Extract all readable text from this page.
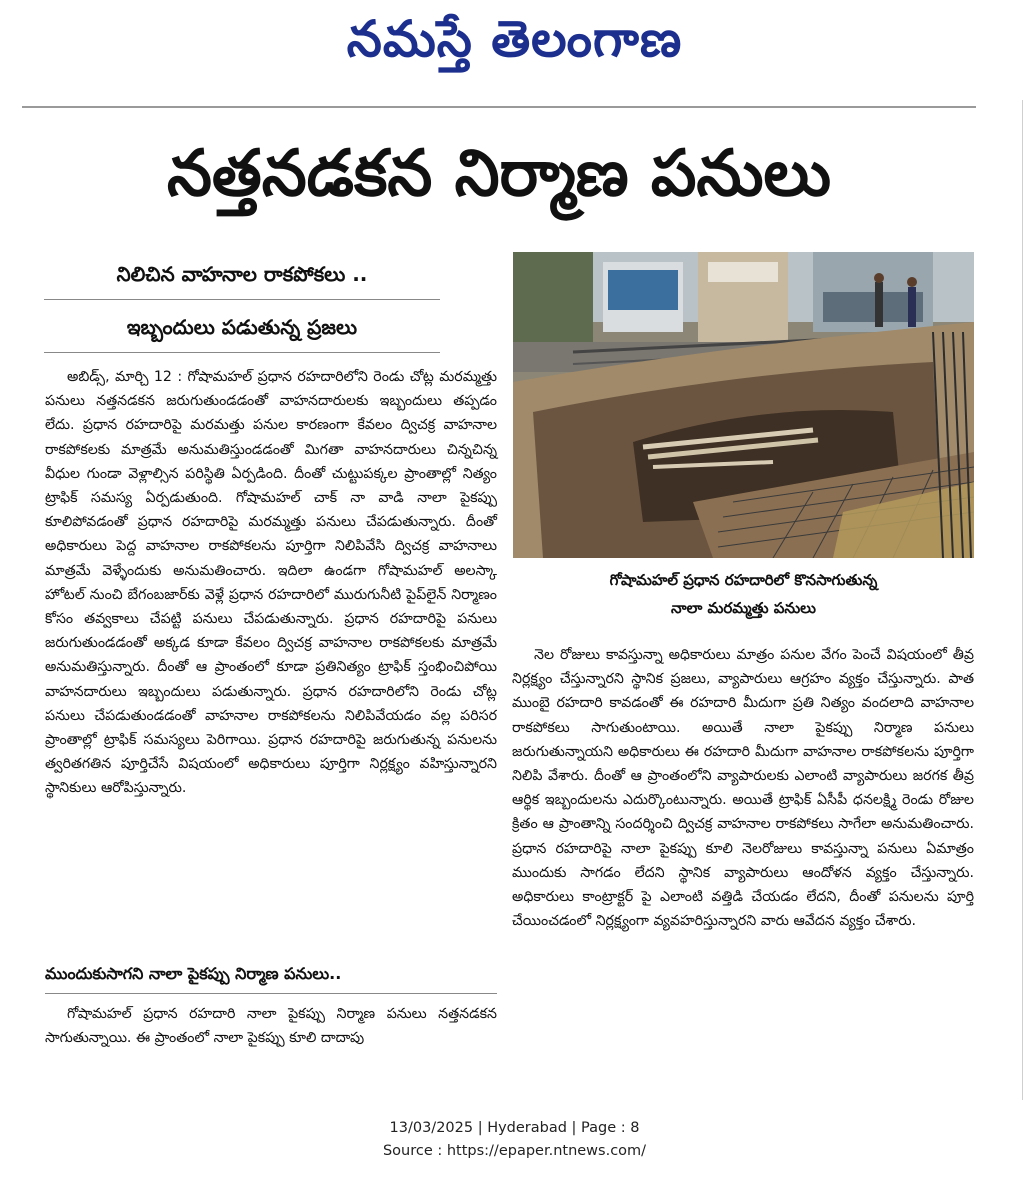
నమస్తే తెలంగాణ
నత్తనడకన నిర్మాణ పనులు
నిలిచిన వాహనాల రాకపోకలు ..
ఇబ్బందులు పడుతున్న ప్రజలు

అబిడ్స్, మార్చి 12 : గోషామహల్ ప్రధాన రహదారిలోని రెండు చోట్ల మరమ్మత్తు పనులు నత్తనడకన జరుగుతుండడంతో వాహనదారులకు ఇబ్బందులు తప్పడం లేదు. ప్రధాన రహదారిపై మరమత్తు పనుల కారణంగా కేవలం ద్విచక్ర వాహనాల రాకపోకలకు మాత్రమే అనుమతిస్తుండడంతో మిగతా వాహనదారులు చిన్నచిన్న వీధుల గుండా వెళ్లాల్సిన పరిస్థితి ఏర్పడింది. దీంతో చుట్టుపక్కల ప్రాంతాల్లో నిత్యం ట్రాఫిక్ సమస్య ఏర్పడుతుంది. గోషామహల్ చాక్ నా వాడి నాలా పైకప్పు కూలిపోవడంతో ప్రధాన రహదారిపై మరమ్మత్తు పనులు చేపడుతున్నారు. దీంతో అధికారులు పెద్ద వాహనాల రాకపోకలను పూర్తిగా నిలిపివేసి ద్విచక్ర వాహనాలు మాత్రమే వెళ్ళేందుకు అనుమతించారు. ఇదిలా ఉండగా గోషామహల్ అలస్కా హోటల్ నుంచి బేగంబజార్‌కు వెళ్లే ప్రధాన రహదారిలో మురుగునీటి పైప్‌లైన్ నిర్మాణం కోసం తవ్వకాలు చేపట్టి పనులు చేపడుతున్నారు. ప్రధాన రహదారిపై పనులు జరుగుతుండడంతో అక్కడ కూడా కేవలం ద్విచక్ర వాహనాల రాకపోకలకు మాత్రమే అనుమతిస్తున్నారు. దీంతో ఆ ప్రాంతంలో కూడా ప్రతినిత్యం ట్రాఫిక్ స్తంభించిపోయి వాహనదారులు ఇబ్బందులు పడుతున్నారు. ప్రధాన రహదారిలోని రెండు చోట్ల పనులు చేపడుతుండడంతో వాహనాల రాకపోకలను నిలిపివేయడం వల్ల పరిసర ప్రాంతాల్లో ట్రాఫిక్ సమస్యలు పెరిగాయి. ప్రధాన రహదారిపై జరుగుతున్న పనులను త్వరితగతిన పూర్తిచేసే విషయంలో అధికారులు పూర్తిగా నిర్లక్ష్యం వహిస్తున్నారని స్థానికులు ఆరోపిస్తున్నారు.

ముందుకుసాగని నాలా పైకప్పు నిర్మాణ పనులు..

గోషామహల్ ప్రధాన రహదారి నాలా పైకప్పు నిర్మాణ పనులు నత్తనడకన సాగుతున్నాయి. ఈ ప్రాంతంలో నాలా పైకప్పు కూలి దాదాపు

గోషామహల్ ప్రధాన రహదారిలో కొనసాగుతున్న
నాలా మరమ్మత్తు పనులు

నెల రోజులు కావస్తున్నా అధికారులు మాత్రం పనుల వేగం పెంచే విషయంలో తీవ్ర నిర్లక్ష్యం చేస్తున్నారని స్థానిక ప్రజలు, వ్యాపారులు ఆగ్రహం వ్యక్తం చేస్తున్నారు. పాత ముంబై రహదారి కావడంతో ఈ రహదారి మీదుగా ప్రతి నిత్యం వందలాది వాహనాల రాకపోకలు సాగుతుంటాయి. అయితే నాలా పైకప్పు నిర్మాణ పనులు జరుగుతున్నాయని అధికారులు ఈ రహదారి మీదుగా వాహనాల రాకపోకలను పూర్తిగా నిలిపి వేశారు. దీంతో ఆ ప్రాంతంలోని వ్యాపారులకు ఎలాంటి వ్యాపారులు జరగక తీవ్ర ఆర్థిక ఇబ్బందులను ఎదుర్కొంటున్నారు. అయితే ట్రాఫిక్ ఏసీపీ ధనలక్ష్మి రెండు రోజుల క్రితం ఆ ప్రాంతాన్ని సందర్శించి ద్విచక్ర వాహనాల రాకపోకలు సాగేలా అనుమతించారు. ప్రధాన రహదారిపై నాలా పైకప్పు కూలి నెలరోజులు కావస్తున్నా పనులు ఏమాత్రం ముందుకు సాగడం లేదని స్థానిక వ్యాపారులు ఆందోళన వ్యక్తం చేస్తున్నారు. అధికారులు కాంట్రాక్టర్ పై ఎలాంటి వత్తిడి చేయడం లేదని, దీంతో పనులను పూర్తి చేయించడంలో నిర్లక్ష్యంగా వ్యవహరిస్తున్నారని వారు ఆవేదన వ్యక్తం చేశారు.

13/03/2025 | Hyderabad | Page : 8
Source : https://epaper.ntnews.com/
